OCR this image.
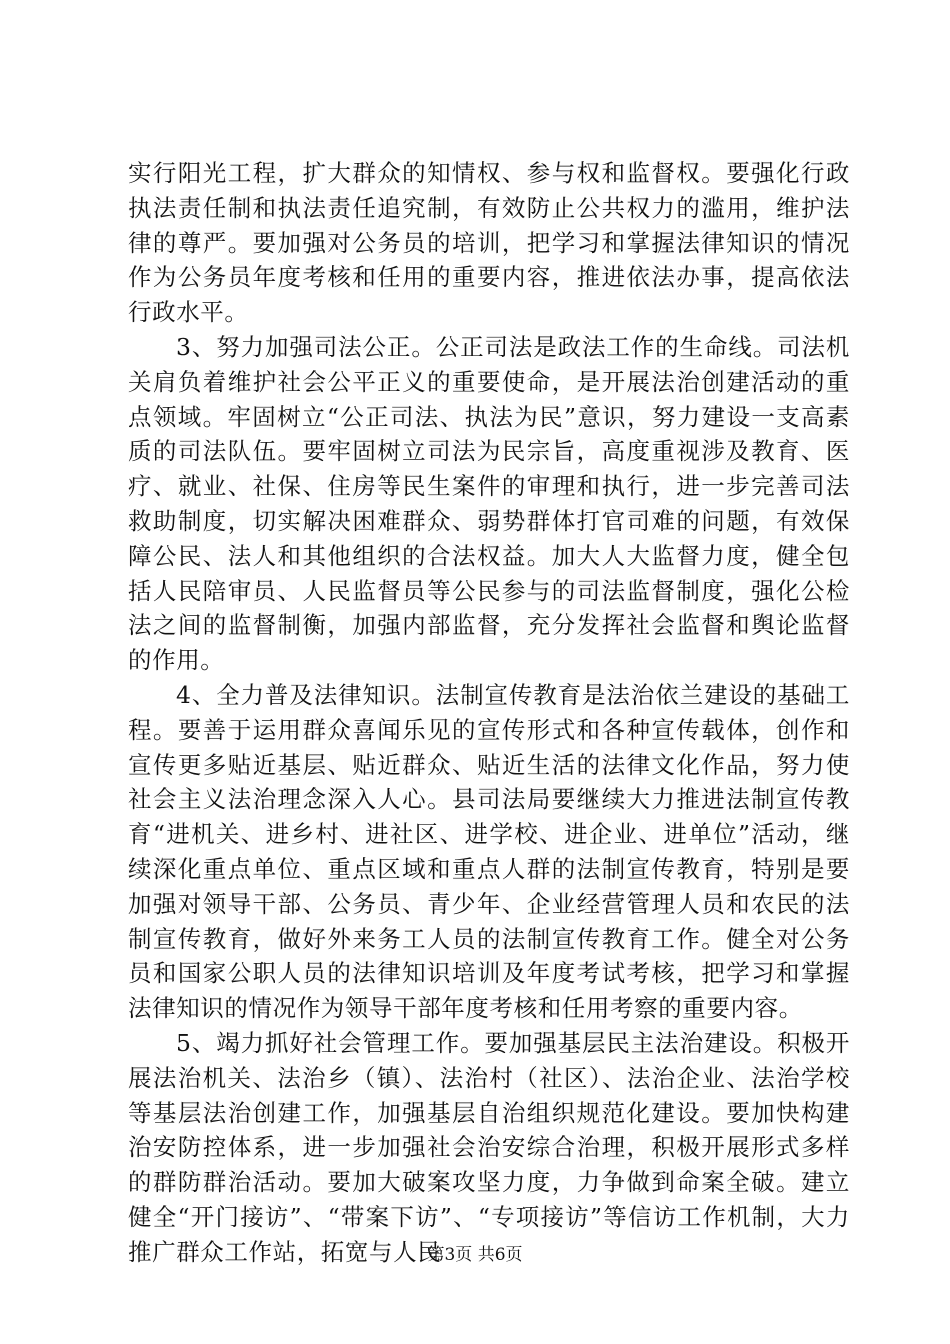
实行阳光工程，扩大群众的知情权、参与权和监督权。要强化行政执法责任制和执法责任追究制，有效防止公共权力的滥用，维护法律的尊严。要加强对公务员的培训，把学习和掌握法律知识的情况作为公务员年度考核和任用的重要内容，推进依法办事，提高依法行政水平。

3、努力加强司法公正。公正司法是政法工作的生命线。司法机关肩负着维护社会公平正义的重要使命，是开展法治创建活动的重点领域。牢固树立“公正司法、执法为民”意识，努力建设一支高素质的司法队伍。要牢固树立司法为民宗旨，高度重视涉及教育、医疗、就业、社保、住房等民生案件的审理和执行，进一步完善司法救助制度，切实解决困难群众、弱势群体打官司难的问题，有效保障公民、法人和其他组织的合法权益。加大人大监督力度，健全包括人民陪审员、人民监督员等公民参与的司法监督制度，强化公检法之间的监督制衡，加强内部监督，充分发挥社会监督和舆论监督的作用。

4、全力普及法律知识。法制宣传教育是法治依兰建设的基础工程。要善于运用群众喜闻乐见的宣传形式和各种宣传载体，创作和宣传更多贴近基层、贴近群众、贴近生活的法律文化作品，努力使社会主义法治理念深入人心。县司法局要继续大力推进法制宣传教育“进机关、进乡村、进社区、进学校、进企业、进单位”活动，继续深化重点单位、重点区域和重点人群的法制宣传教育，特别是要加强对领导干部、公务员、青少年、企业经营管理人员和农民的法制宣传教育，做好外来务工人员的法制宣传教育工作。健全对公务员和国家公职人员的法律知识培训及年度考试考核，把学习和掌握法律知识的情况作为领导干部年度考核和任用考察的重要内容。

5、竭力抓好社会管理工作。要加强基层民主法治建设。积极开展法治机关、法治乡（镇）、法治村（社区）、法治企业、法治学校等基层法治创建工作，加强基层自治组织规范化建设。要加快构建治安防控体系，进一步加强社会治安综合治理，积极开展形式多样的群防群治活动。要加大破案攻坚力度，力争做到命案全破。建立健全“开门接访”、“带案下访”、“专项接访”等信访工作机制，大力推广群众工作站，拓宽与人民

第3页 共6页
